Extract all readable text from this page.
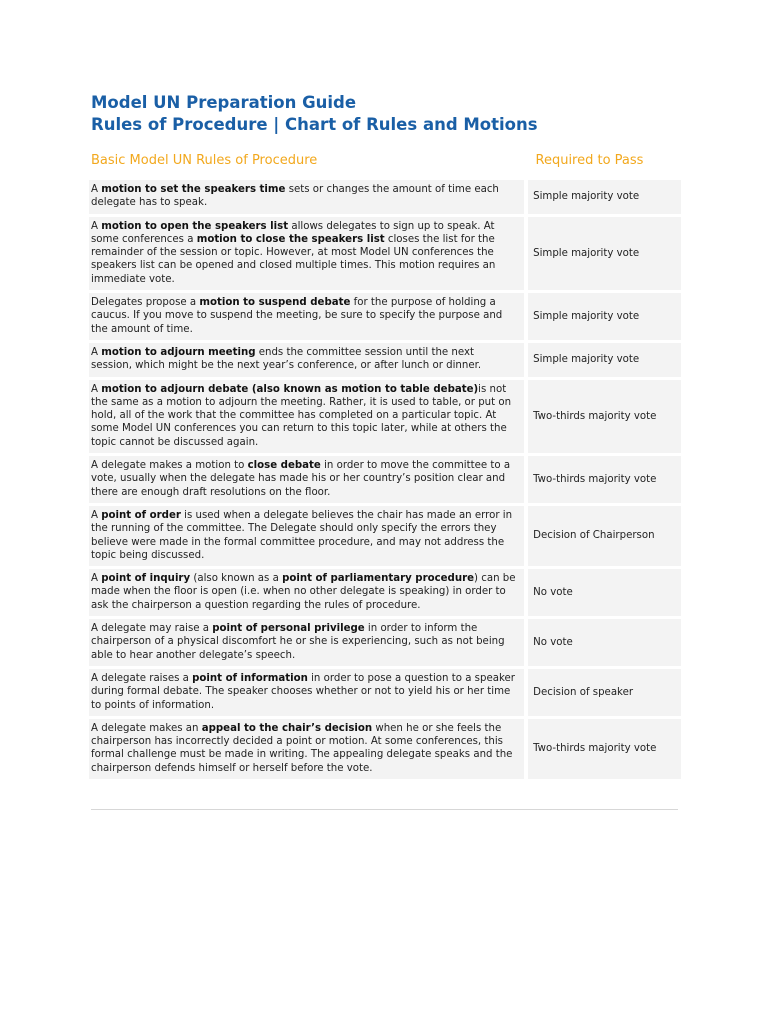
Model UN Preparation Guide
Rules of Procedure | Chart of Rules and Motions
Basic Model UN Rules of Procedure	Required to Pass
A motion to set the speakers time sets or changes the amount of time each delegate has to speak.	Simple majority vote
A motion to open the speakers list allows delegates to sign up to speak. At some conferences a motion to close the speakers list closes the list for the remainder of the session or topic. However, at most Model UN conferences the speakers list can be opened and closed multiple times. This motion requires an immediate vote.	Simple majority vote
Delegates propose a motion to suspend debate for the purpose of holding a caucus. If you move to suspend the meeting, be sure to specify the purpose and the amount of time.	Simple majority vote
A motion to adjourn meeting ends the committee session until the next session, which might be the next year’s conference, or after lunch or dinner.	Simple majority vote
A motion to adjourn debate (also known as motion to table debate)is not the same as a motion to adjourn the meeting. Rather, it is used to table, or put on hold, all of the work that the committee has completed on a particular topic. At some Model UN conferences you can return to this topic later, while at others the topic cannot be discussed again.	Two-thirds majority vote
A delegate makes a motion to close debate in order to move the committee to a vote, usually when the delegate has made his or her country’s position clear and there are enough draft resolutions on the floor.	Two-thirds majority vote
A point of order is used when a delegate believes the chair has made an error in the running of the committee. The Delegate should only specify the errors they believe were made in the formal committee procedure, and may not address the topic being discussed.	Decision of Chairperson
A point of inquiry (also known as a point of parliamentary procedure) can be made when the floor is open (i.e. when no other delegate is speaking) in order to ask the chairperson a question regarding the rules of procedure.	No vote
A delegate may raise a point of personal privilege in order to inform the chairperson of a physical discomfort he or she is experiencing, such as not being able to hear another delegate’s speech.	No vote
A delegate raises a point of information in order to pose a question to a speaker during formal debate. The speaker chooses whether or not to yield his or her time to points of information.	Decision of speaker
A delegate makes an appeal to the chair’s decision when he or she feels the chairperson has incorrectly decided a point or motion. At some conferences, this formal challenge must be made in writing. The appealing delegate speaks and the chairperson defends himself or herself before the vote.	Two-thirds majority vote
